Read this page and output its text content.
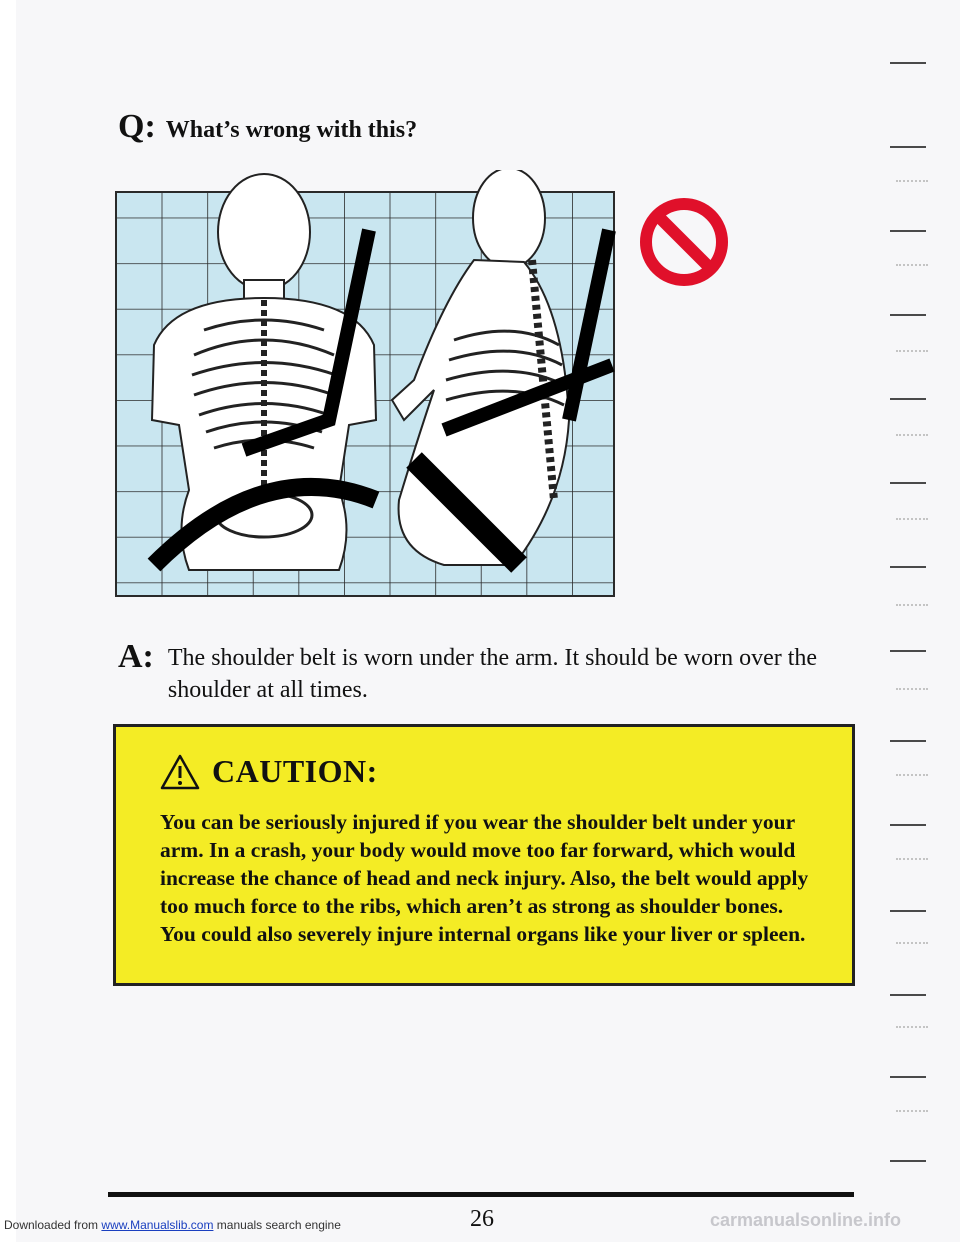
Q: What’s wrong with this?
A: The shoulder belt is worn under the arm. It should be worn over the shoulder at all times.
CAUTION:
You can be seriously injured if you wear the shoulder belt under your arm. In a crash, your body would move too far forward, which would increase the chance of head and neck injury. Also, the belt would apply too much force to the ribs, which aren’t as strong as shoulder bones. You could also severely injure internal organs like your liver or spleen.
26
Downloaded from www.Manualslib.com manuals search engine	carmanualsonline.info
